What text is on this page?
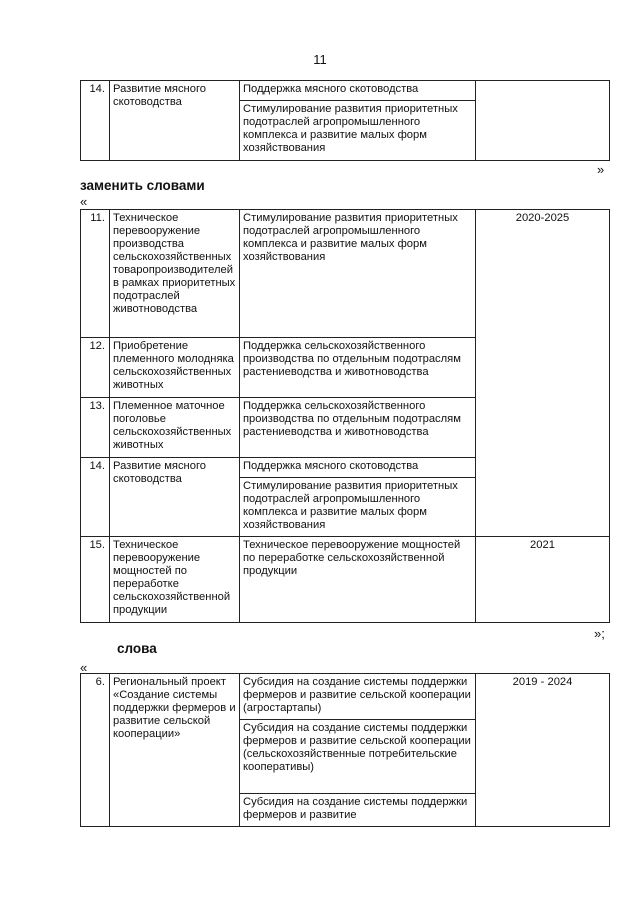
11
14.	Развитие мясного скотоводства	Поддержка мясного скотоводства	
Стимулирование развития приоритетных подотраслей агропромышленного комплекса и развитие малых форм хозяйствования
»
заменить словами
«
11.	Техническое перевооружение производства сельскохозяйственных товаропроизводителей в рамках приоритетных подотраслей животноводства	Стимулирование развития приоритетных подотраслей агропромышленного комплекса и развитие малых форм хозяйствования	2020-2025
12.	Приобретение племенного молодняка сельскохозяйственных животных	Поддержка сельскохозяйственного производства по отдельным подотраслям растениеводства и животноводства	
13.	Племенное маточное поголовье сельскохозяйственных животных	Поддержка сельскохозяйственного производства по отдельным подотраслям растениеводства и животноводства	
14.	Развитие мясного скотоводства	Поддержка мясного скотоводства	
		Стимулирование развития приоритетных подотраслей агропромышленного комплекса и развитие малых форм хозяйствования	
15.	Техническое перевооружение мощностей по переработке сельскохозяйственной продукции	Техническое перевооружение мощностей по переработке сельскохозяйственной продукции	2021
»;
слова
«
6.	Региональный проект «Создание системы поддержки фермеров и развитие сельской кооперации»	Субсидия на создание системы поддержки фермеров и развитие сельской кооперации (агростартапы)	2019 - 2024
Субсидия на создание системы поддержки фермеров и развитие сельской кооперации (сельскохозяйственные потребительские кооперативы)
Субсидия на создание системы поддержки фермеров и развитие
